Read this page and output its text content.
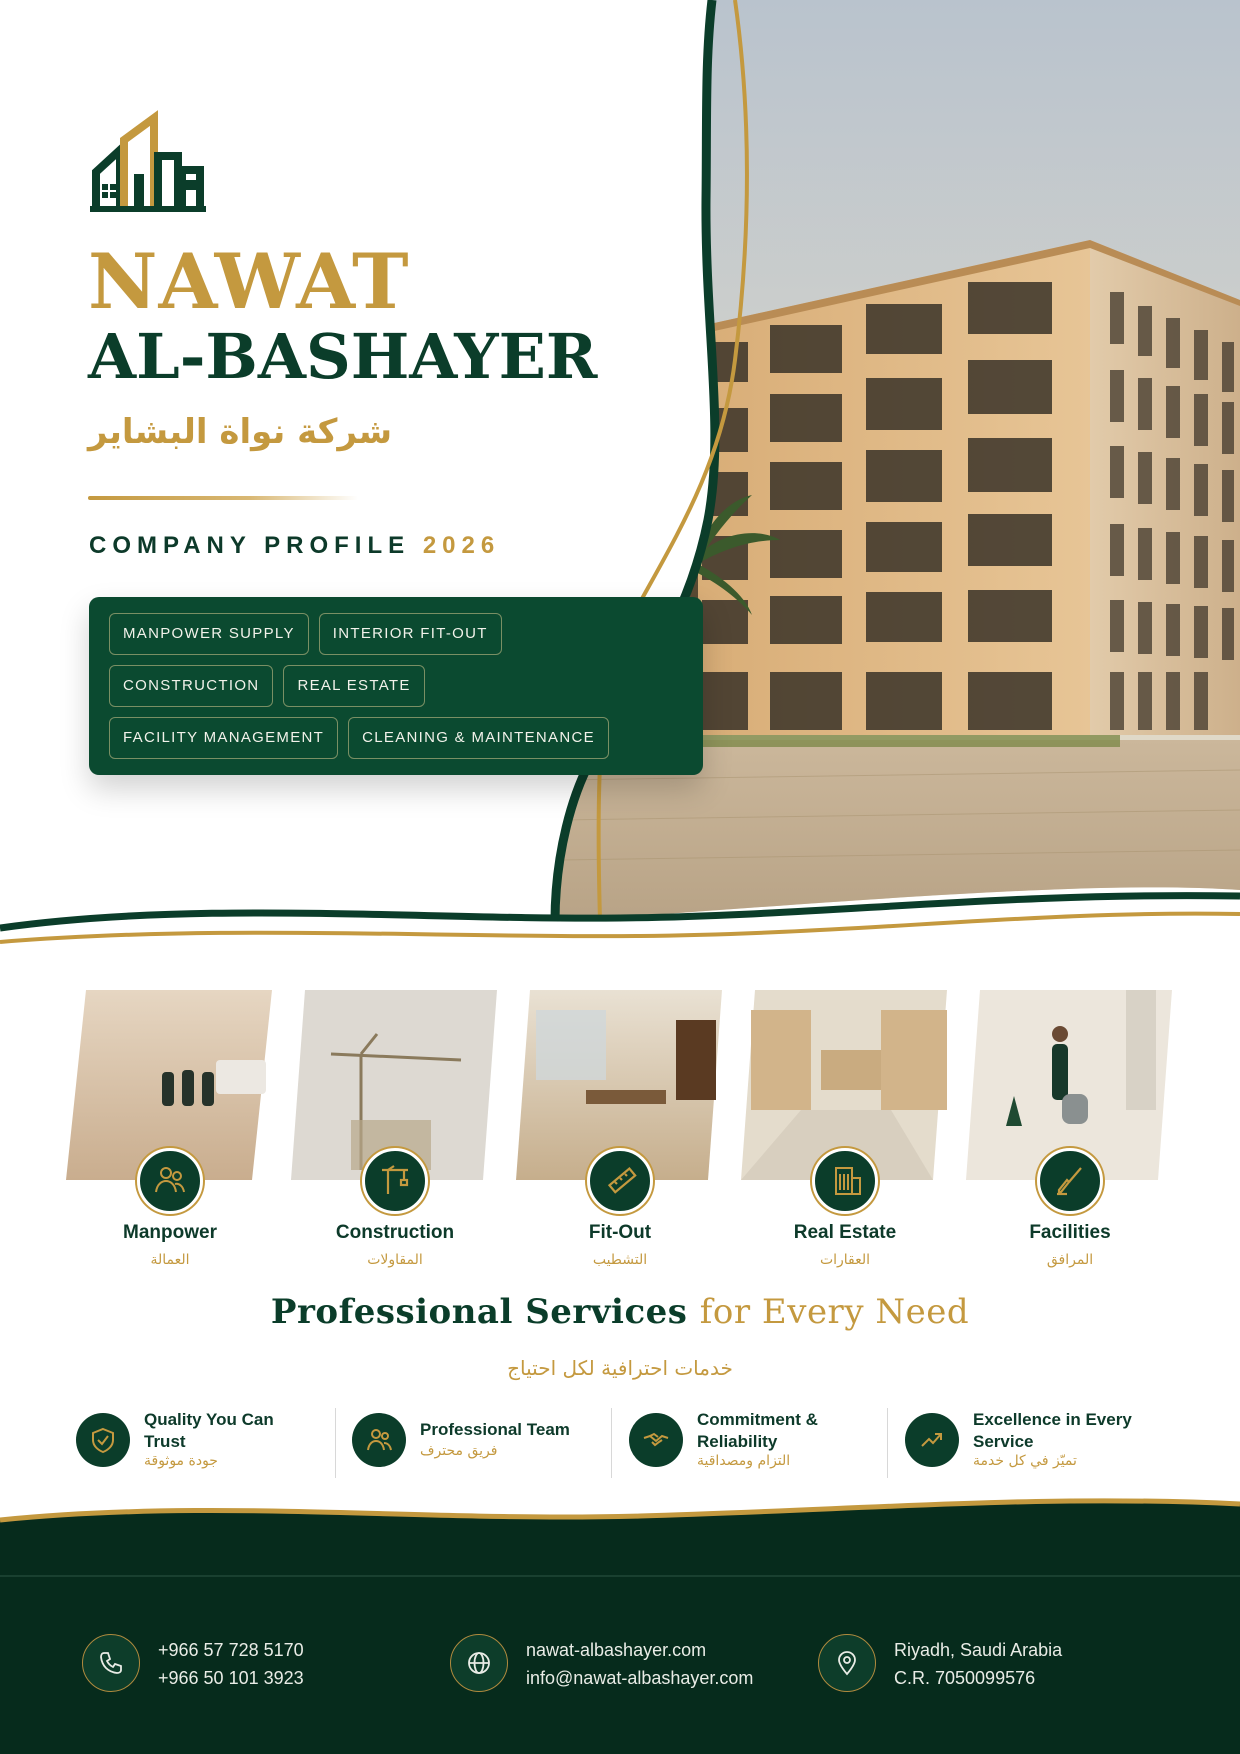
NAWAT
AL-BASHAYER
شركة نواة البشاير
COMPANY PROFILE 2026
MANPOWER SUPPLY	INTERIOR FIT-OUT
CONSTRUCTION	REAL ESTATE
FACILITY MANAGEMENT	CLEANING & MAINTENANCE
Manpower
العمالة
Construction
المقاولات
Fit-Out
التشطيب
Real Estate
العقارات
Facilities
المرافق
Professional Services for Every Need
خدمات احترافية لكل احتياج
Quality You Can
Trust
جودة موثوقة
Professional Team
فريق محترف
Commitment &
Reliability
التزام ومصداقية
Excellence in Every
Service
تميّز في كل خدمة
+966 57 728 5170
+966 50 101 3923
nawat-albashayer.com
info@nawat-albashayer.com
Riyadh, Saudi Arabia
C.R. 7050099576
